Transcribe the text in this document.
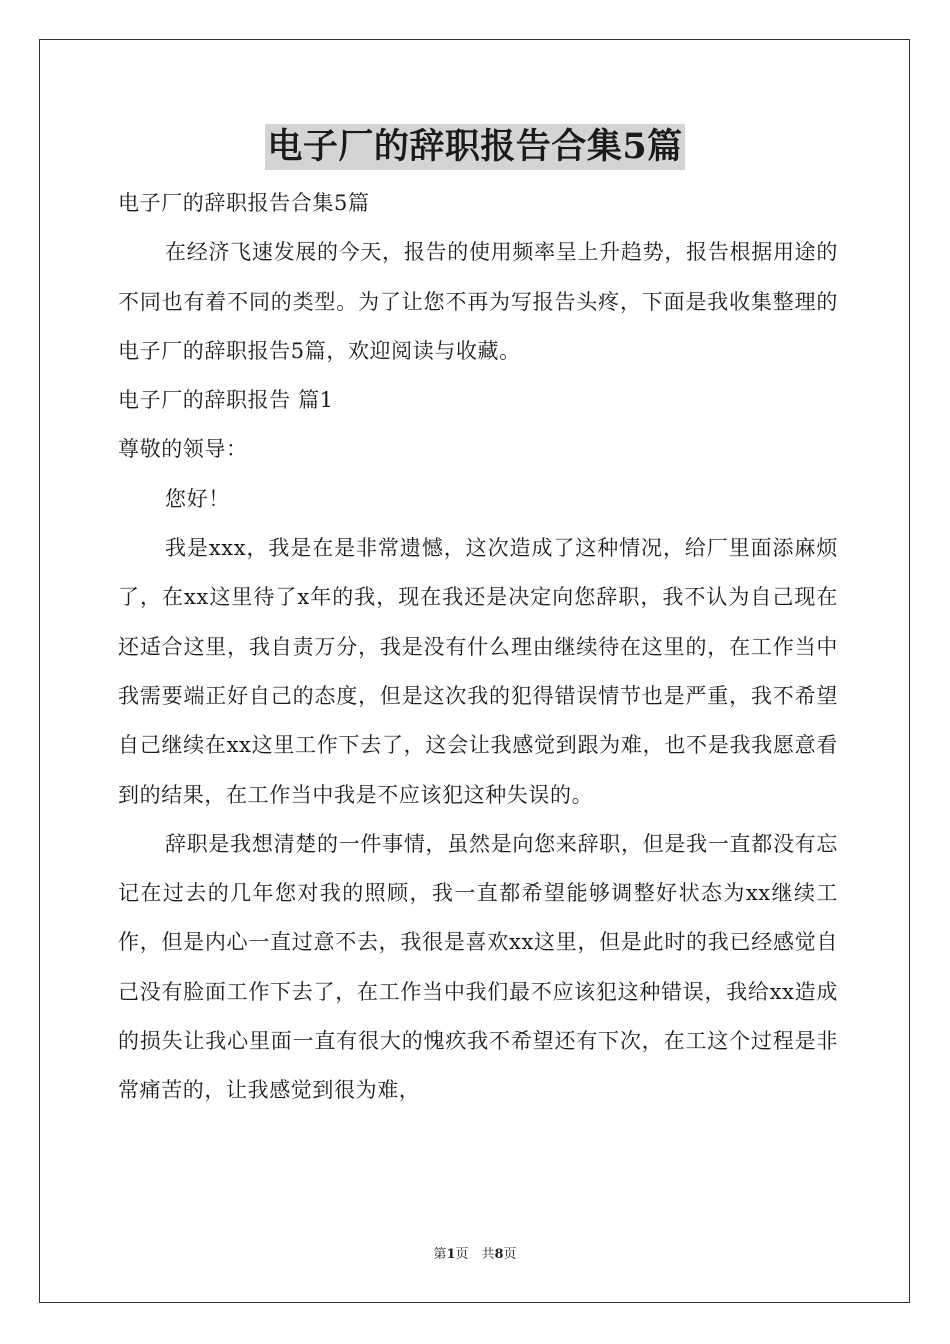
电子厂的辞职报告合集5篇

电子厂的辞职报告合集5篇

在经济飞速发展的今天，报告的使用频率呈上升趋势，报告根据用途的不同也有着不同的类型。为了让您不再为写报告头疼，下面是我收集整理的电子厂的辞职报告5篇，欢迎阅读与收藏。

电子厂的辞职报告 篇1

尊敬的领导：

您好！

我是xxx，我是在是非常遗憾，这次造成了这种情况，给厂里面添麻烦了，在xx这里待了x年的我，现在我还是决定向您辞职，我不认为自己现在还适合这里，我自责万分，我是没有什么理由继续待在这里的，在工作当中我需要端正好自己的态度，但是这次我的犯得错误情节也是严重，我不希望自己继续在xx这里工作下去了，这会让我感觉到跟为难，也不是我我愿意看到的结果，在工作当中我是不应该犯这种失误的。

辞职是我想清楚的一件事情，虽然是向您来辞职，但是我一直都没有忘记在过去的几年您对我的照顾，我一直都希望能够调整好状态为xx继续工作，但是内心一直过意不去，我很是喜欢xx这里，但是此时的我已经感觉自己没有脸面工作下去了，在工作当中我们最不应该犯这种错误，我给xx造成的损失让我心里面一直有很大的愧疚我不希望还有下次，在工这个过程是非常痛苦的，让我感觉到很为难，

第1页　共8页
